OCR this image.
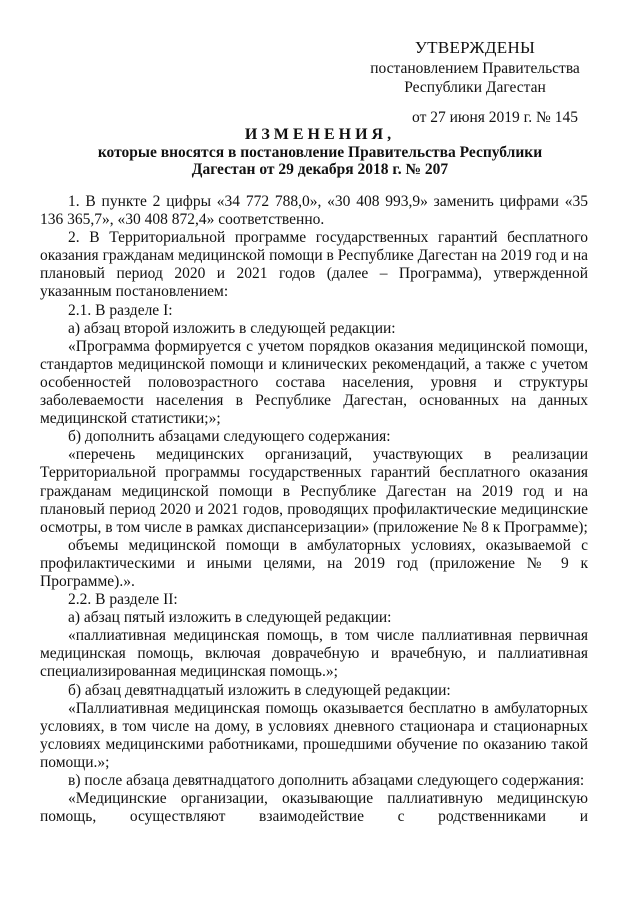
УТВЕРЖДЕНЫ
постановлением Правительства
Республики Дагестан
от 27 июня 2019 г. № 145
ИЗМЕНЕНИЯ,
которые вносятся в постановление Правительства Республики
Дагестан от 29 декабря 2018 г. № 207
1. В пункте 2 цифры «34 772 788,0», «30 408 993,9» заменить цифрами «35 136 365,7», «30 408 872,4» соответственно.
2. В Территориальной программе государственных гарантий бесплатного оказания гражданам медицинской помощи в Республике Дагестан на 2019 год и на плановый период 2020 и 2021 годов (далее – Программа), утвержденной указанным постановлением:
2.1. В разделе I:
а) абзац второй изложить в следующей редакции:
«Программа формируется с учетом порядков оказания медицинской помощи, стандартов медицинской помощи и клинических рекомендаций, а также с учетом особенностей половозрастного состава населения, уровня и структуры заболеваемости населения в Республике Дагестан, основанных на данных медицинской статистики;»;
б) дополнить абзацами следующего содержания:
«перечень медицинских организаций, участвующих в реализации Территориальной программы государственных гарантий бесплатного оказания гражданам медицинской помощи в Республике Дагестан на 2019 год и на плановый период 2020 и 2021 годов, проводящих профилактические медицинские осмотры, в том числе в рамках диспансеризации» (приложение № 8 к Программе);
объемы медицинской помощи в амбулаторных условиях, оказываемой с профилактическими и иными целями, на 2019 год (приложение № 9 к Программе).».
2.2. В разделе II:
а) абзац пятый изложить в следующей редакции:
«паллиативная медицинская помощь, в том числе паллиативная первичная медицинская помощь, включая доврачебную и врачебную, и паллиативная специализированная медицинская помощь.»;
б) абзац девятнадцатый изложить в следующей редакции:
«Паллиативная медицинская помощь оказывается бесплатно в амбулаторных условиях, в том числе на дому, в условиях дневного стационара и стационарных условиях медицинскими работниками, прошедшими обучение по оказанию такой помощи.»;
в) после абзаца девятнадцатого дополнить абзацами следующего содержания:
«Медицинские организации, оказывающие паллиативную медицинскую помощь, осуществляют взаимодействие с родственниками и
